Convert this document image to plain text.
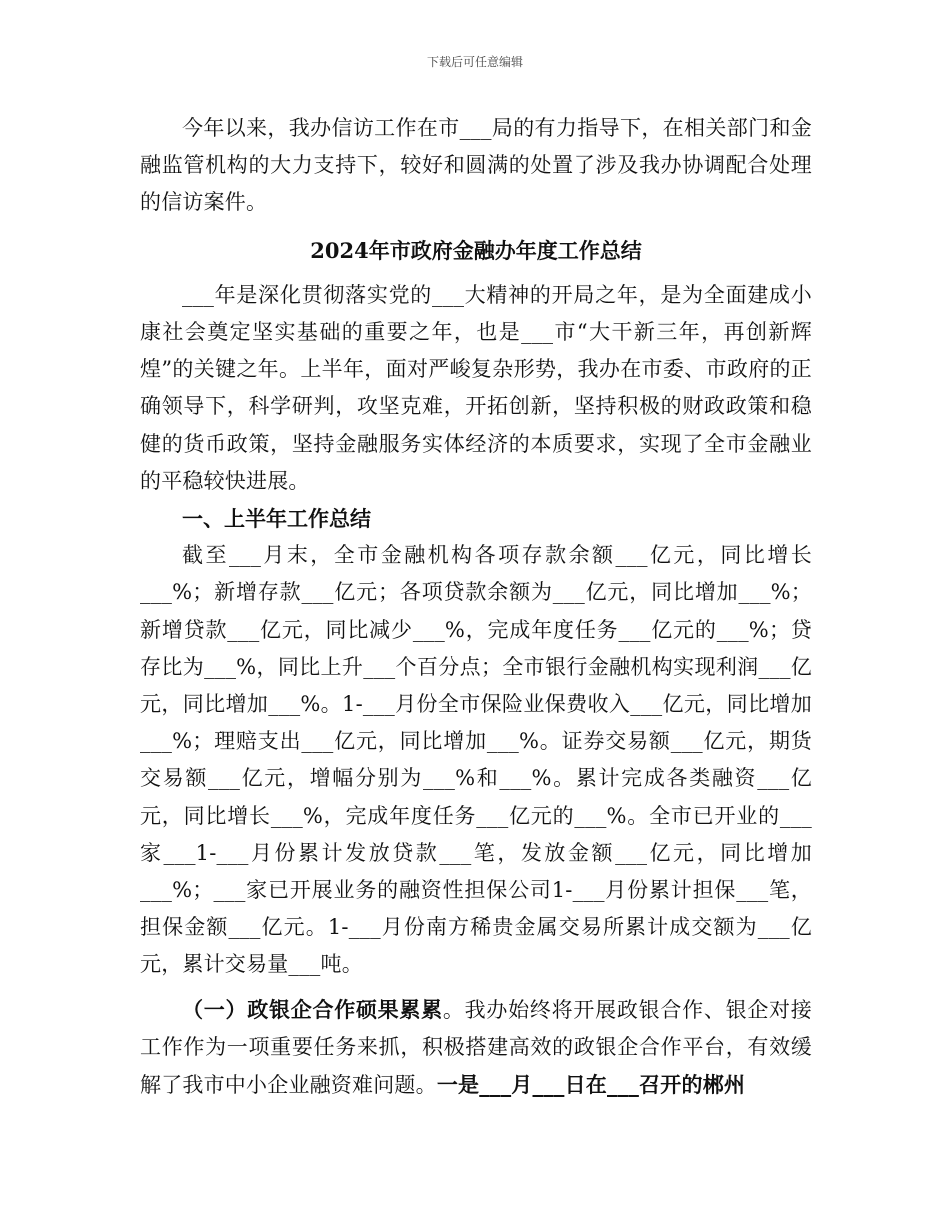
下载后可任意编辑

今年以来，我办信访工作在市___局的有力指导下，在相关部门和金融监管机构的大力支持下，较好和圆满的处置了涉及我办协调配合处理的信访案件。

2024年市政府金融办年度工作总结

___年是深化贯彻落实党的___大精神的开局之年，是为全面建成小康社会奠定坚实基础的重要之年，也是___市“大干新三年，再创新辉煌”的关键之年。上半年，面对严峻复杂形势，我办在市委、市政府的正确领导下，科学研判，攻坚克难，开拓创新，坚持积极的财政政策和稳健的货币政策，坚持金融服务实体经济的本质要求，实现了全市金融业的平稳较快进展。

一、上半年工作总结

截至___月末，全市金融机构各项存款余额___亿元，同比增长___%；新增存款___亿元；各项贷款余额为___亿元，同比增加___%；新增贷款___亿元，同比减少___%，完成年度任务___亿元的___%；贷存比为___%，同比上升___个百分点；全市银行金融机构实现利润___亿元，同比增加___%。1-___月份全市保险业保费收入___亿元，同比增加___%；理赔支出___亿元，同比增加___%。证券交易额___亿元，期货交易额___亿元，增幅分别为___%和___%。累计完成各类融资___亿元，同比增长___%，完成年度任务___亿元的___%。全市已开业的___家___1-___月份累计发放贷款___笔，发放金额___亿元，同比增加___%；___家已开展业务的融资性担保公司1-___月份累计担保___笔，担保金额___亿元。1-___月份南方稀贵金属交易所累计成交额为___亿元，累计交易量___吨。

（一）政银企合作硕果累累。我办始终将开展政银合作、银企对接工作作为一项重要任务来抓，积极搭建高效的政银企合作平台，有效缓解了我市中小企业融资难问题。一是___月___日在___召开的郴州
